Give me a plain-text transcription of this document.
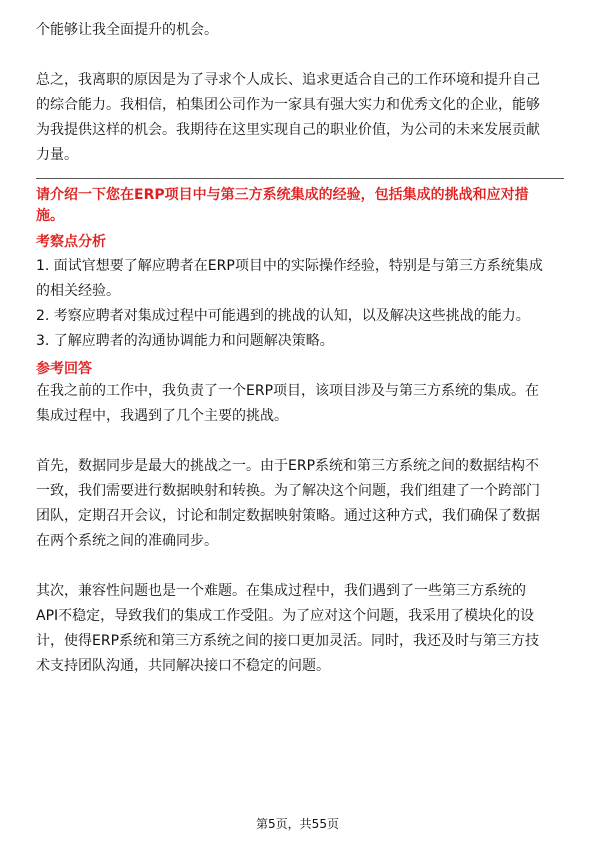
个能够让我全面提升的机会。

总之，我离职的原因是为了寻求个人成长、追求更适合自己的工作环境和提升自己
的综合能力。我相信，柏集团公司作为一家具有强大实力和优秀文化的企业，能够
为我提供这样的机会。我期待在这里实现自己的职业价值，为公司的未来发展贡献
力量。
请介绍一下您在ERP项目中与第三方系统集成的经验，包括集成的挑战和应对措
施。
考察点分析
1. 面试官想要了解应聘者在ERP项目中的实际操作经验，特别是与第三方系统集成
的相关经验。
2. 考察应聘者对集成过程中可能遇到的挑战的认知，以及解决这些挑战的能力。
3. 了解应聘者的沟通协调能力和问题解决策略。
参考回答
在我之前的工作中，我负责了一个ERP项目，该项目涉及与第三方系统的集成。在
集成过程中，我遇到了几个主要的挑战。
首先，数据同步是最大的挑战之一。由于ERP系统和第三方系统之间的数据结构不
一致，我们需要进行数据映射和转换。为了解决这个问题，我们组建了一个跨部门
团队，定期召开会议，讨论和制定数据映射策略。通过这种方式，我们确保了数据
在两个系统之间的准确同步。
其次，兼容性问题也是一个难题。在集成过程中，我们遇到了一些第三方系统的
API不稳定，导致我们的集成工作受阻。为了应对这个问题，我采用了模块化的设
计，使得ERP系统和第三方系统之间的接口更加灵活。同时，我还及时与第三方技
术支持团队沟通，共同解决接口不稳定的问题。
第5页，共55页
